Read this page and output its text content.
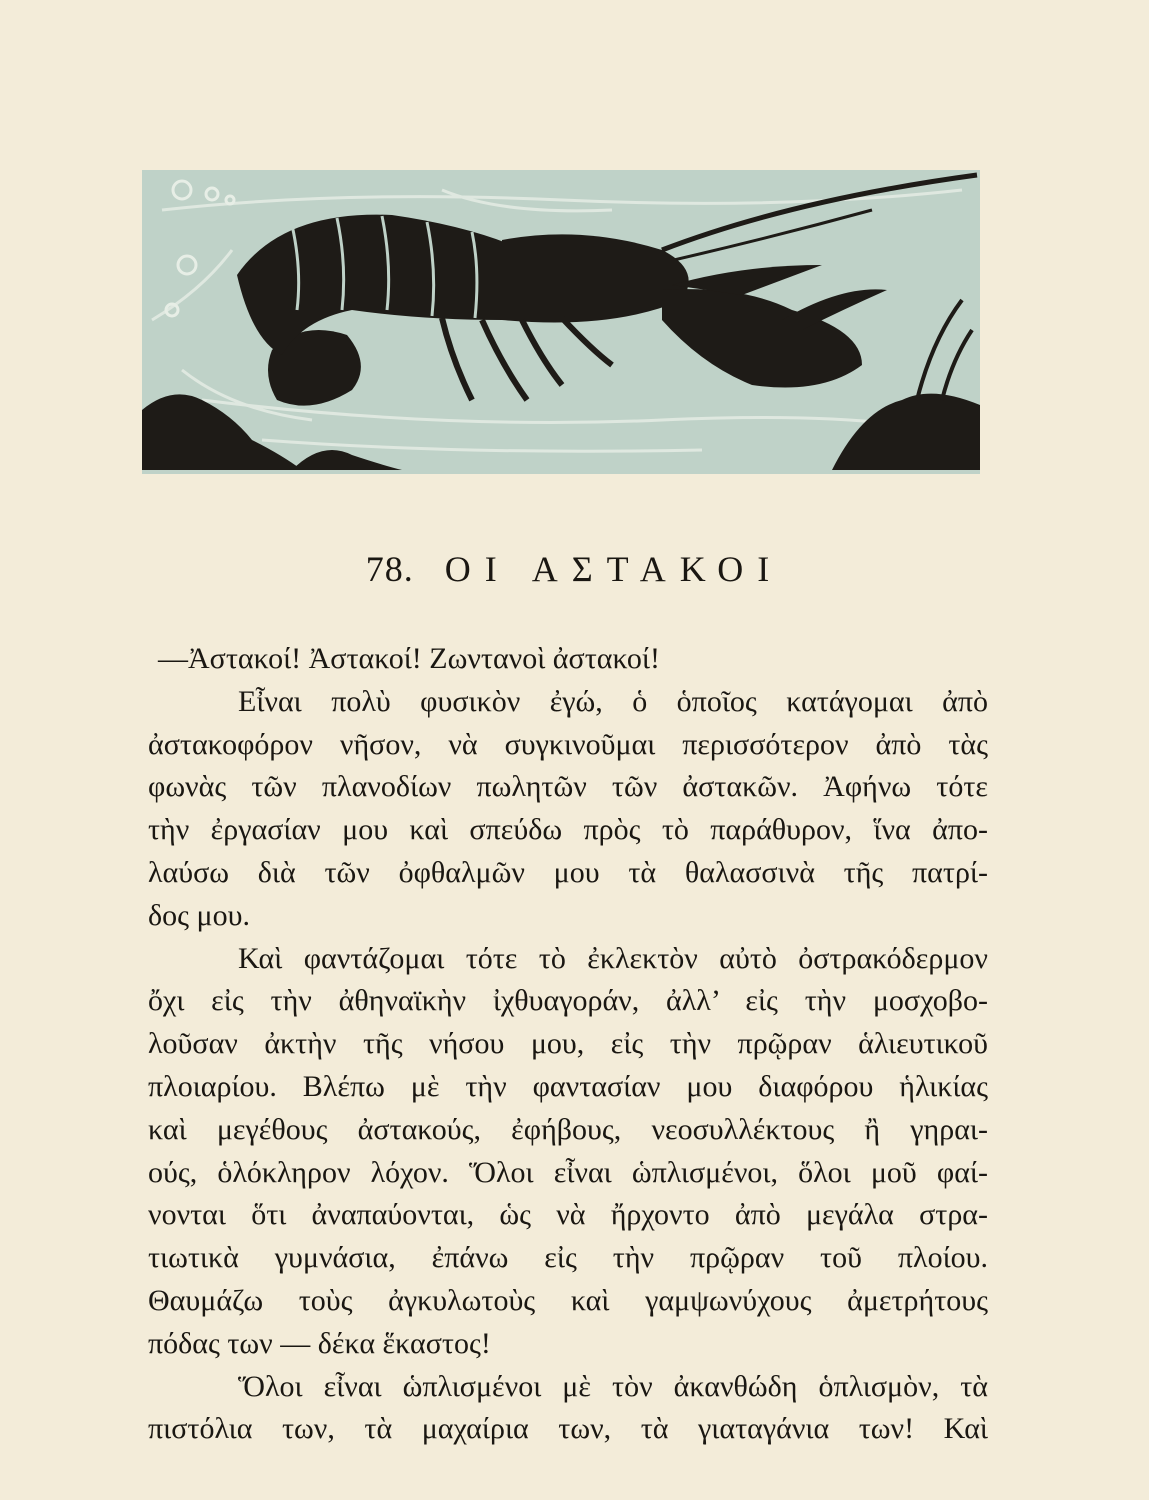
78. ΟΙ ΑΣΤΑΚΟΙ
—Ἀστακοί! Ἀστακοί! Ζωντανοὶ ἀστακοί!
Εἶναι πολὺ φυσικὸν ἐγώ, ὁ ὁποῖος κατάγομαι ἀπὸ
ἀστακοφόρον νῆσον, νὰ συγκινοῦμαι περισσότερον ἀπὸ τὰς
φωνὰς τῶν πλανοδίων πωλητῶν τῶν ἀστακῶν. Ἀφήνω τότε
τὴν ἐργασίαν μου καὶ σπεύδω πρὸς τὸ παράθυρον, ἵνα ἀπο-
λαύσω διὰ τῶν ὀφθαλμῶν μου τὰ θαλασσινὰ τῆς πατρί-
δος μου.
Καὶ φαντάζομαι τότε τὸ ἐκλεκτὸν αὐτὸ ὀστρακόδερμον
ὄχι εἰς τὴν ἀθηναϊκὴν ἰχθυαγοράν, ἀλλ’ εἰς τὴν μοσχοβο-
λοῦσαν ἀκτὴν τῆς νήσου μου, εἰς τὴν πρῷραν ἁλιευτικοῦ
πλοιαρίου. Βλέπω μὲ τὴν φαντασίαν μου διαφόρου ἡλικίας
καὶ μεγέθους ἀστακούς, ἐφήβους, νεοσυλλέκτους ἢ γηραι-
ούς, ὁλόκληρον λόχον. Ὅλοι εἶναι ὡπλισμένοι, ὅλοι μοῦ φαί-
νονται ὅτι ἀναπαύονται, ὡς νὰ ἤρχοντο ἀπὸ μεγάλα στρα-
τιωτικὰ γυμνάσια, ἐπάνω εἰς τὴν πρῷραν τοῦ πλοίου.
Θαυμάζω τοὺς ἀγκυλωτοὺς καὶ γαμψωνύχους ἀμετρήτους
πόδας των — δέκα ἕκαστος!
Ὅλοι εἶναι ὡπλισμένοι μὲ τὸν ἀκανθώδη ὁπλισμὸν, τὰ
πιστόλια των, τὰ μαχαίρια των, τὰ γιαταγάνια των! Καὶ
